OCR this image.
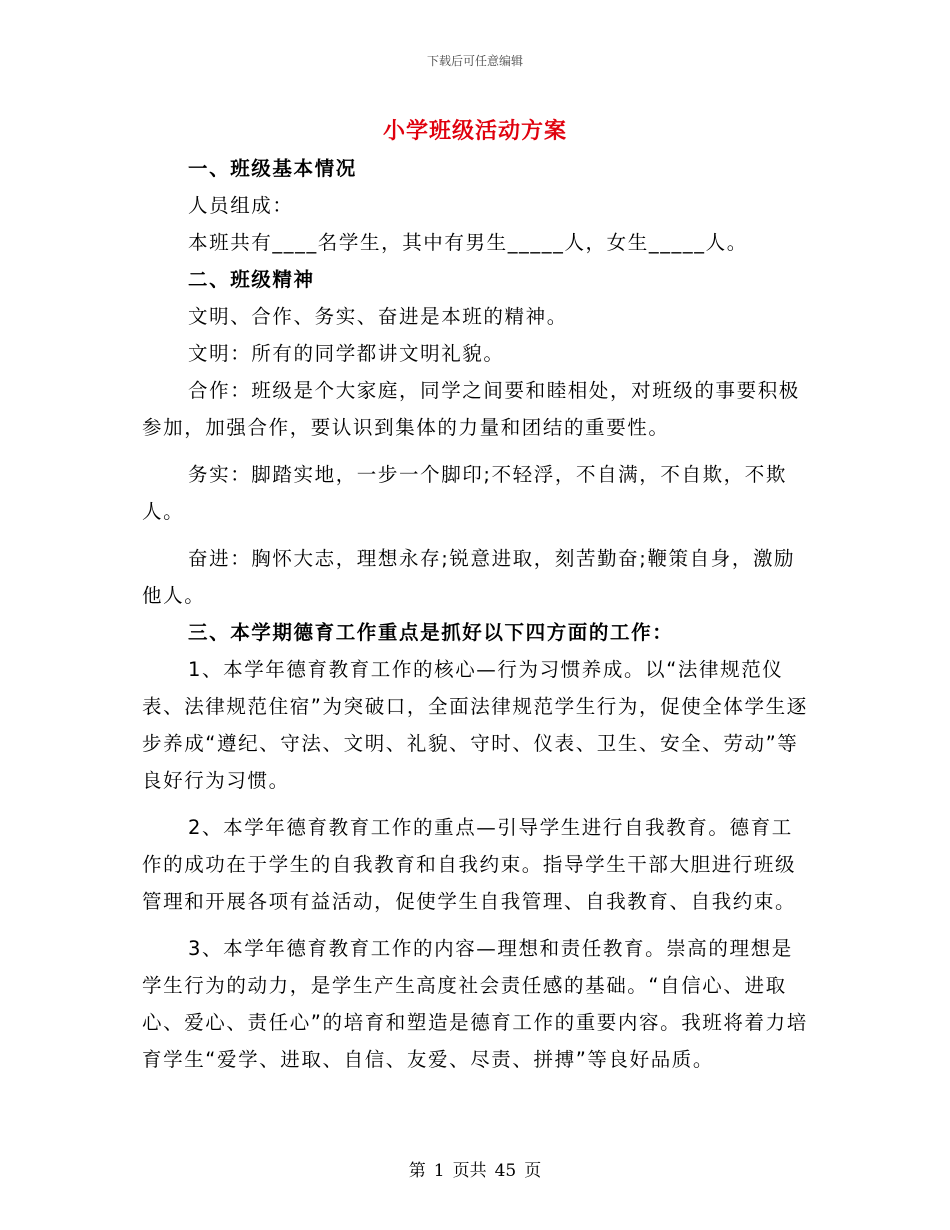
下载后可任意编辑
小学班级活动方案

一、班级基本情况

人员组成：

本班共有____名学生，其中有男生_____人，女生_____人。

二、班级精神

文明、合作、务实、奋进是本班的精神。

文明：所有的同学都讲文明礼貌。

合作：班级是个大家庭，同学之间要和睦相处，对班级的事要积极参加，加强合作，要认识到集体的力量和团结的重要性。

务实：脚踏实地，一步一个脚印;不轻浮，不自满，不自欺，不欺人。

奋进：胸怀大志，理想永存;锐意进取，刻苦勤奋;鞭策自身，激励他人。

三、本学期德育工作重点是抓好以下四方面的工作：

1、本学年德育教育工作的核心—行为习惯养成。以“法律规范仪表、法律规范住宿”为突破口，全面法律规范学生行为，促使全体学生逐步养成“遵纪、守法、文明、礼貌、守时、仪表、卫生、安全、劳动”等良好行为习惯。

2、本学年德育教育工作的重点—引导学生进行自我教育。德育工作的成功在于学生的自我教育和自我约束。指导学生干部大胆进行班级管理和开展各项有益活动，促使学生自我管理、自我教育、自我约束。

3、本学年德育教育工作的内容—理想和责任教育。崇高的理想是学生行为的动力，是学生产生高度社会责任感的基础。“自信心、进取心、爱心、责任心”的培育和塑造是德育工作的重要内容。我班将着力培育学生“爱学、进取、自信、友爱、尽责、拼搏”等良好品质。

第 1 页共 45 页
